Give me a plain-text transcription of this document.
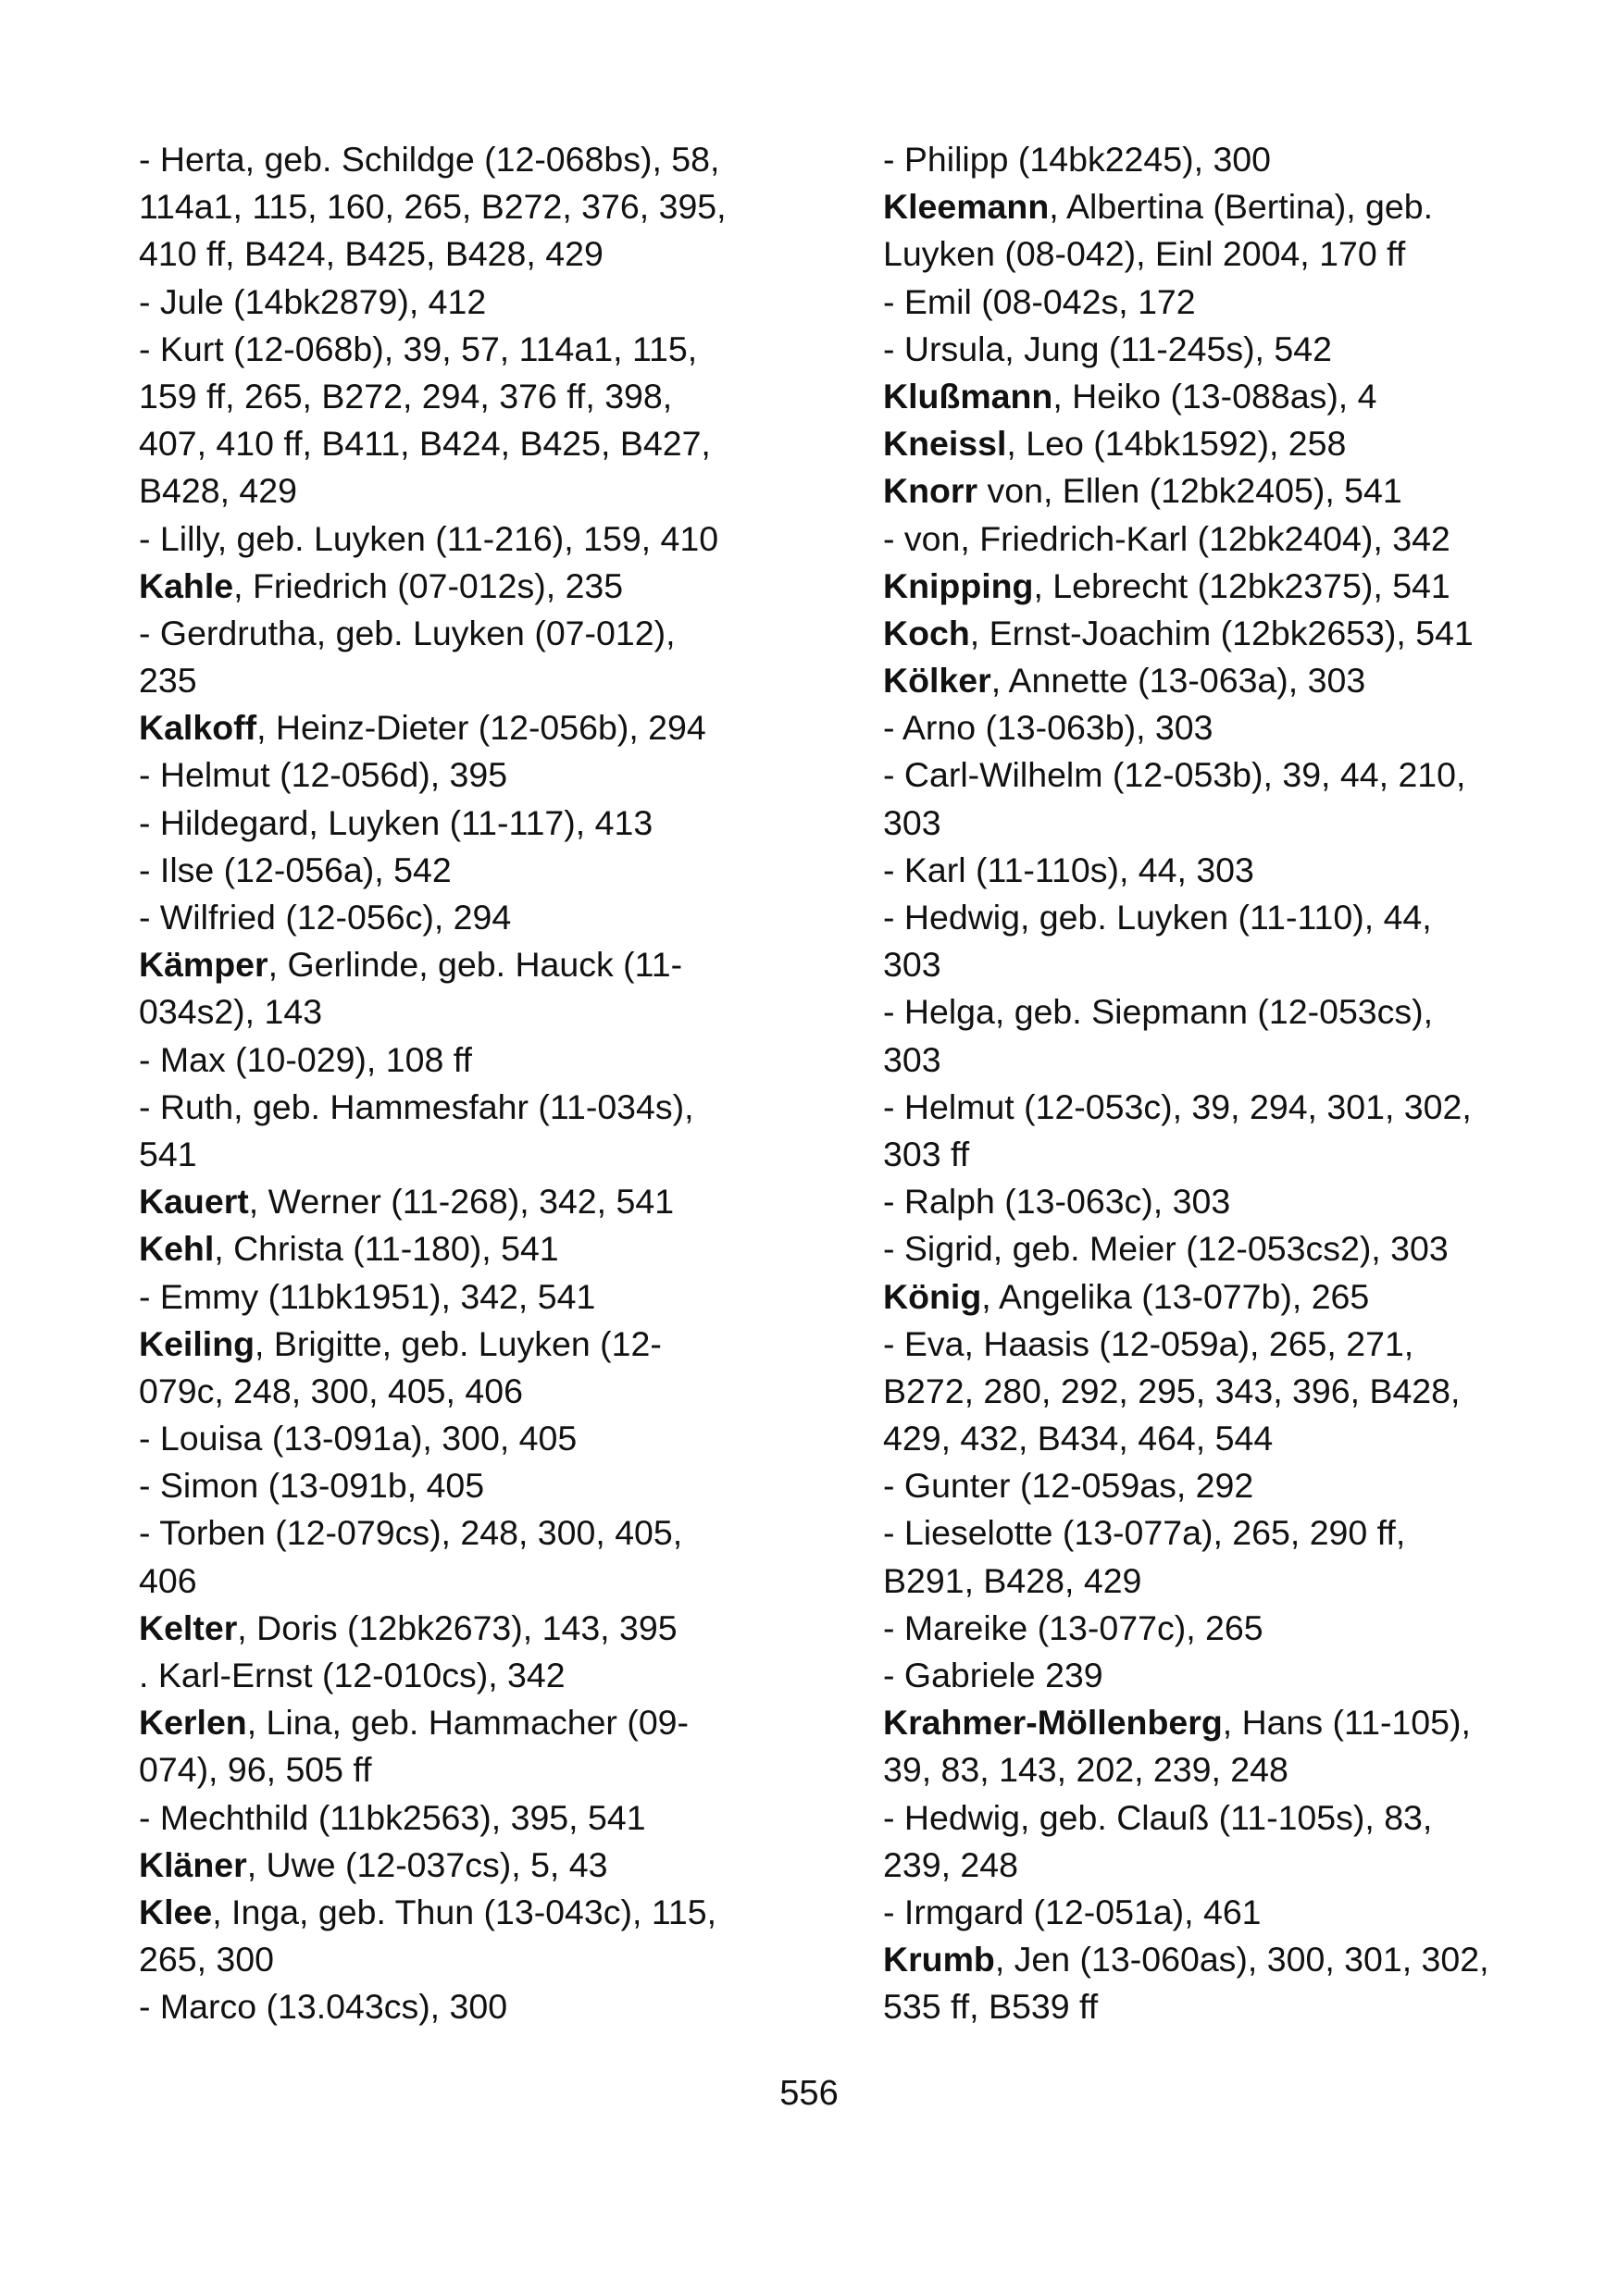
- Herta, geb. Schildge (12-068bs), 58,
114a1, 115, 160, 265, B272, 376, 395,
410 ff, B424, B425, B428, 429
- Jule (14bk2879), 412
- Kurt (12-068b), 39, 57, 114a1, 115,
159 ff, 265, B272, 294, 376 ff, 398,
407, 410 ff, B411, B424, B425, B427,
B428, 429
- Lilly, geb. Luyken (11-216), 159, 410
Kahle, Friedrich (07-012s), 235
- Gerdrutha, geb. Luyken (07-012),
235
Kalkoff, Heinz-Dieter (12-056b), 294
- Helmut (12-056d), 395
- Hildegard, Luyken (11-117), 413
- Ilse (12-056a), 542
- Wilfried (12-056c), 294
Kämper, Gerlinde, geb. Hauck (11-
034s2), 143
- Max (10-029), 108 ff
- Ruth, geb. Hammesfahr (11-034s),
541
Kauert, Werner (11-268), 342, 541
Kehl, Christa (11-180), 541
- Emmy (11bk1951), 342, 541
Keiling, Brigitte, geb. Luyken (12-
079c, 248, 300, 405, 406
- Louisa (13-091a), 300, 405
- Simon (13-091b, 405
- Torben (12-079cs), 248, 300, 405,
406
Kelter, Doris (12bk2673), 143, 395
. Karl-Ernst (12-010cs), 342
Kerlen, Lina, geb. Hammacher (09-
074), 96, 505 ff
- Mechthild (11bk2563), 395, 541
Kläner, Uwe (12-037cs), 5, 43
Klee, Inga, geb. Thun (13-043c), 115,
265, 300
- Marco (13.043cs), 300
- Philipp (14bk2245), 300
Kleemann, Albertina (Bertina), geb.
Luyken (08-042), Einl 2004, 170 ff
- Emil (08-042s, 172
- Ursula, Jung (11-245s), 542
Klußmann, Heiko (13-088as), 4
Kneissl, Leo (14bk1592), 258
Knorr von, Ellen (12bk2405), 541
- von, Friedrich-Karl (12bk2404), 342
Knipping, Lebrecht (12bk2375), 541
Koch, Ernst-Joachim (12bk2653), 541
Kölker, Annette (13-063a), 303
- Arno (13-063b), 303
- Carl-Wilhelm (12-053b), 39, 44, 210,
303
- Karl (11-110s), 44, 303
- Hedwig, geb. Luyken (11-110), 44,
303
- Helga, geb. Siepmann (12-053cs),
303
- Helmut (12-053c), 39, 294, 301, 302,
303 ff
- Ralph (13-063c), 303
- Sigrid, geb. Meier (12-053cs2), 303
König, Angelika (13-077b), 265
- Eva, Haasis (12-059a), 265, 271,
B272, 280, 292, 295, 343, 396, B428,
429, 432, B434, 464, 544
- Gunter (12-059as, 292
- Lieselotte (13-077a), 265, 290 ff,
B291, B428, 429
- Mareike (13-077c), 265
- Gabriele 239
Krahmer-Möllenberg, Hans (11-105),
39, 83, 143, 202, 239, 248
- Hedwig, geb. Clauß (11-105s), 83,
239, 248
- Irmgard (12-051a), 461
Krumb, Jen (13-060as), 300, 301, 302,
535 ff, B539 ff
556
